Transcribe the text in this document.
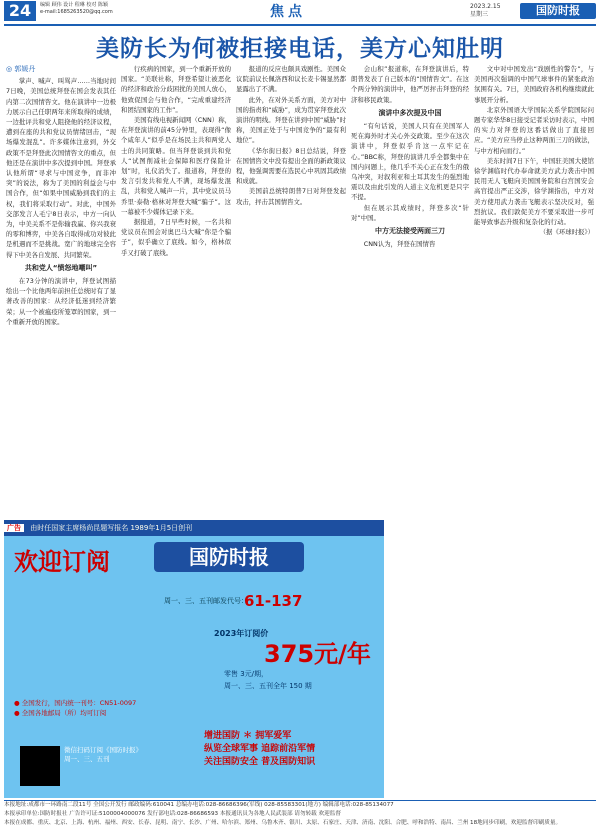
24	编辑 顾伟 设计 程琳 校对 陈颖
e-mail:1685263520@qq.com	焦点	2023.2.15
星期三	国防时报
美防长为何被拒接电话，美方心知肚明
◎ 郭媛丹

掌声、喊声、叫骂声……当地时间7日晚，美国总统拜登在国会发表其任内第二次国情咨文。他在演讲中一边极力展示自己任职两年来所取得的成绩，一边批评共和党人阻挠他的经济议程，遭到在座的共和党议员情绪回击，“现场爆发混乱”。许多媒体注意到，外交政策不是拜登此次国情咨文的重点，但他还是在演讲中多次提到中国。拜登承认他所谓“寻求与中国竞争，而非冲突”的说法，称为了美国的利益会与中国合作，但“如果中国威胁到我们的主权，我们将采取行动”。对此，中国外交部发言人毛宁8日表示，中方一向认为，中美关系不是你输我赢、你兴我衰的零和博弈，中美各自取得成功对彼此是机遇而不是挑战。宽广的地球完全容得下中美各自发展、共同繁荣。

共和党人“愤怒地嘲叫”

在73分钟的演讲中，拜登试图描绘出一个比他两年前担任总统时有了显著改善的国家：从经济低迷到经济繁荣；从一个被瘟疫所笼罩的国家，到一个重新开放的国家。

行疾病的国家，到一个重新开放的国家。“美联社称，拜登希望让被恶化的经济和政治分歧困扰的美国人放心，他致促国会与他合作，“完成重建经济和团结国家的工作”。

美国有线电视新闻网（CNN）称，在拜登演讲的前45分钟里，表现得“像个咸年人”似乎是在场民主共和两党人士的共同策略。但当拜登谈到共和党人“试图削减社会保障和医疗保险计划”时，礼仪消失了。报道称，拜登的发言引发共和党人不满，现场爆发混乱，共和党人喊声一片，其中党议员马乔里·泰勒·格林对拜登大喊“骗子”。这一幕被不少媒体记录下来。

据报道，7日早些时候，一名共和党议员在国会对奥巴马大喊“你是个骗子”，似乎确立了底线。如今，格林似乎又打破了底线。

报道的反应也颇具戏剧性。美国众议院前议长佩洛西和议长麦卡锡显然都显露出了不满。

此外，在对外关系方面，美方对中国的指责和“威胁”，成为贯穿拜登此次演讲的明线。拜登在讲到中国“威胁”时称，美国正处于与中国竞争的“最有利地位”。

《华尔街日报》8日总结说，拜登在国情咨文中没有提出全面的新政策议程，他强调需要在选民心中巩固其政绩和成就。

美国前总统特朗普7日对拜登发起攻击，抨击其国情咨文。

会山积”报道称，在拜登演讲后，特朗普发表了自己版本的“国情咨文”。在这个两分钟的演讲中，他严厉抨击拜登的经济和移民政策。

演讲中多次提及中国

“有句话说，美国人只有在美国军人死在海外时才关心外交政策。至少在这次演讲中，拜登似乎肯这一点牢记在心。”BBC称，拜登的演讲几乎全都集中在国内问题上，他几乎不关心正在发生的俄乌冲突，对叙利亚和土耳其发生的强烈地震以及由此引发的人道主义危机更是只字不提。

但在展示其成绩时，拜登多次“针对”中国。

中方无法接受两面三刀

CNN认为，拜登在国情咨

文中对中国发出“戏剧性的警告”，与美国再次强调的中国气球事件的紧张政治氛围有关。7日，美国政府各机构继续就此事展开分析。

北京外国语大学国际关系学院国际问题专家华华8日接受记者采访时表示，中国的实力对拜登的这番话做出了直接回应。“美方应当停止这种两面三刀的做法，与中方相向而行。”

美东时间7日下午，中国驻美国大使馆徐学渊临时代办奉命就美方武力袭击中国民用无人飞艇向美国国务院和白宫国安会高官提出严正交涉，徐学渊指出，中方对美方使用武力袭击飞艇表示坚决反对，强烈抗议。我们敦促美方不要采取进一步可能导致事态升级和复杂化的行动。

（据《环球时报》）
广告 由时任国家主席杨尚昆题写报名 1989年1月5日创刊
欢迎订阅	国防时报
周一、三、五刊邮发代号：
61-137
2023年订阅价
375元/年
零售 3元/期，
周一、三、五刊全年 150 期
● 全国发行，国内统一刊号：CN51-0097
● 全国各地邮局（所）均可订阅
增进国防 ＊ 拥军爱军
纵览全球军事 追踪前沿军情
关注国防安全 普及国防知识
微信扫码订阅《国防时报》
周一、三、五刊
本报地址:成都市一环路南二段11号 全国公开发行 邮政编码:610041 总编办电话:028-86686396(军线) 028-85583301(地方) 编辑部电话:028-85134077
本报承印单位:国防时报社 广告许可证:5100004000076 发行部电话:028-86686593 本报通讯员为各地人民武装部 请勿转载 欢迎监督
本报在成都、重庆、北京、上海、杭州、福州、西安、长春、昆明、南宁、长沙、广州、哈尔滨、郑州、乌鲁木齐、银川、太原、石家庄、天津、济南、沈阳、合肥、呼和浩特、南昌、兰州 18地同步印刷，欢迎监督印刷质量。
